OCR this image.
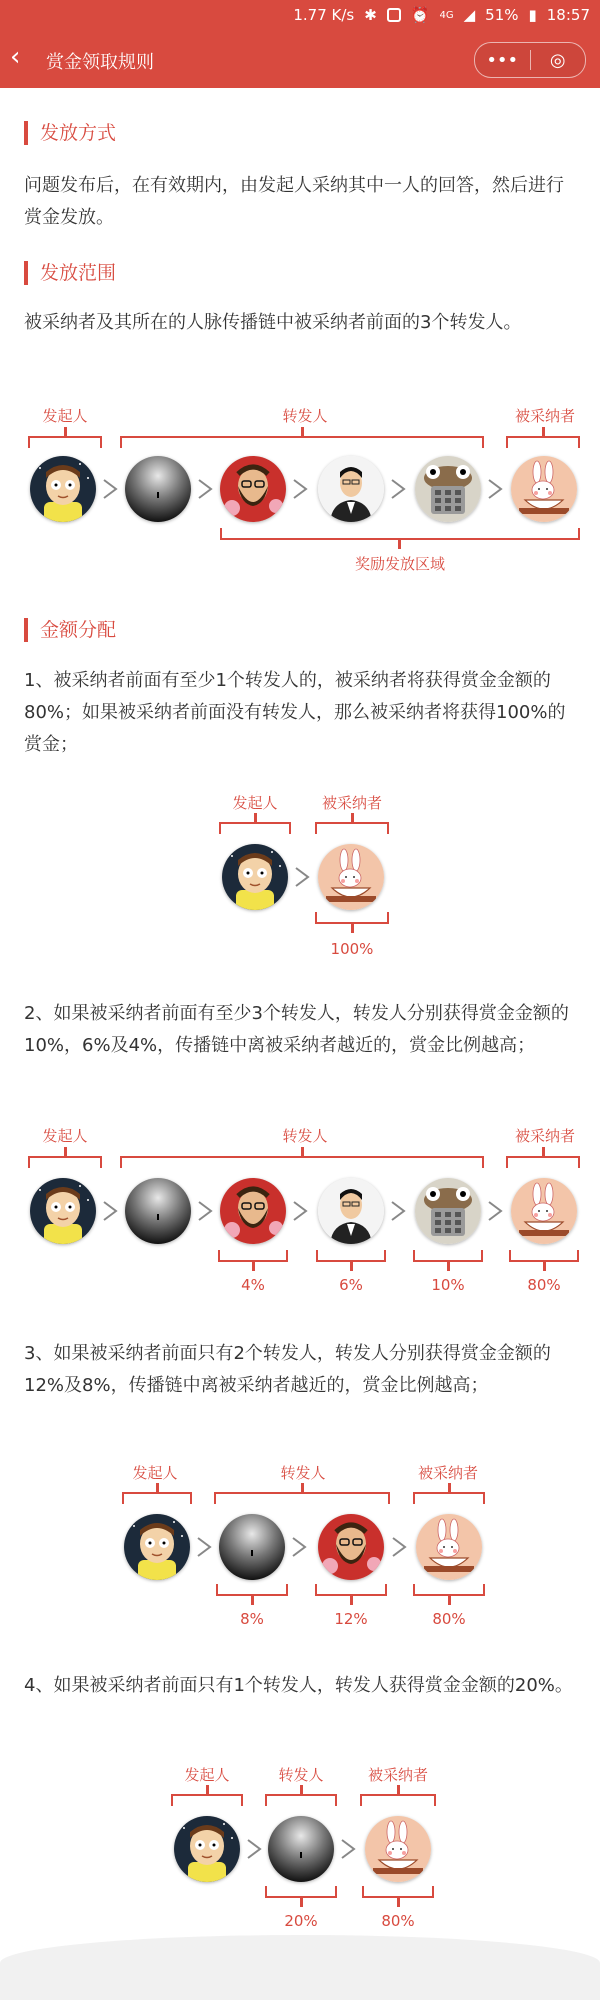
1.77 K/s ✱ ⏰ 4G ◢ 51% ▮ 18:57
‹ 赏金领取规则	•••	◎
发放方式
问题发布后，在有效期内，由发起人采纳其中一人的回答，然后进行赏金发放。
发放范围
被采纳者及其所在的人脉传播链中被采纳者前面的3个转发人。
发起人	转发人	被采纳者
奖励发放区域
金额分配
1、被采纳者前面有至少1个转发人的，被采纳者将获得赏金金额的80%；如果被采纳者前面没有转发人，那么被采纳者将获得100%的赏金；
发起人	被采纳者
100%
2、如果被采纳者前面有至少3个转发人，转发人分别获得赏金金额的10%，6%及4%，传播链中离被采纳者越近的，赏金比例越高；
发起人	转发人	被采纳者
4%	6%	10%	80%
3、如果被采纳者前面只有2个转发人，转发人分别获得赏金金额的12%及8%，传播链中离被采纳者越近的，赏金比例越高；
发起人	转发人	被采纳者
8%	12%	80%
4、如果被采纳者前面只有1个转发人，转发人获得赏金金额的20%。
发起人	转发人	被采纳者
20%	80%
